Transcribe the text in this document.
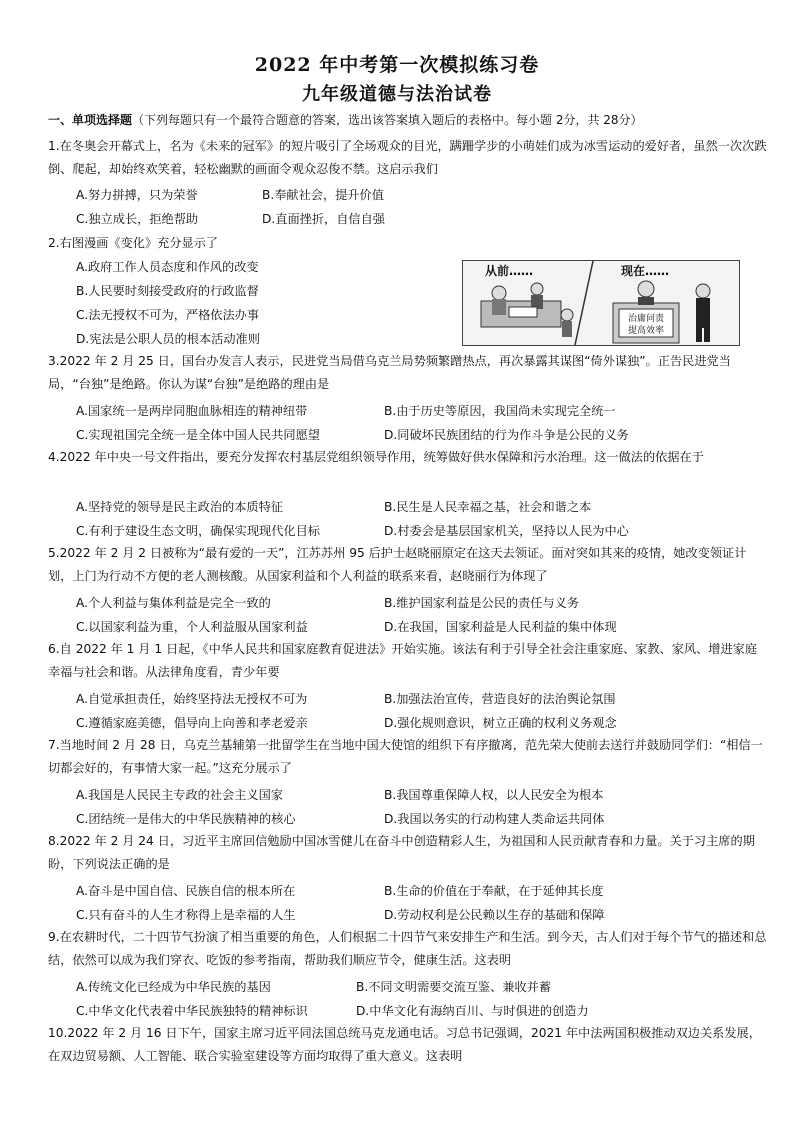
2022 年中考第一次模拟练习卷
九年级道德与法治试卷
一、单项选择题（下列每题只有一个最符合题意的答案，选出该答案填入题后的表格中。每小题 2分，共 28分）
1.在冬奥会开幕式上，名为《未来的冠军》的短片吸引了全场观众的目光，蹒跚学步的小萌娃们成为冰雪运动的爱好者，虽然一次次跌倒、爬起，却始终欢笑着，轻松幽默的画面令观众忍俊不禁。这启示我们
A.努力拼搏，只为荣誉	B.奉献社会，提升价值
C.独立成长，拒绝帮助	D.直面挫折，自信自强
2.右图漫画《变化》充分显示了
A.政府工作人员态度和作风的改变
B.人民要时刻接受政府的行政监督
C.法无授权不可为，严格依法办事
D.宪法是公职人员的根本活动准则
从前……	现在……
治庸问责
提高效率
3.2022 年 2 月 25 日，国台办发言人表示，民进党当局借乌克兰局势频繁蹭热点，再次暴露其谋图“倚外谋独”。正告民进党当局，“台独”是绝路。你认为谋“台独”是绝路的理由是
A.国家统一是两岸同胞血脉相连的精神纽带	B.由于历史等原因，我国尚未实现完全统一
C.实现祖国完全统一是全体中国人民共同愿望	D.同破坏民族团结的行为作斗争是公民的义务
4.2022 年中央一号文件指出，要充分发挥农村基层党组织领导作用，统筹做好供水保障和污水治理。这一做法的依据在于
A.坚持党的领导是民主政治的本质特征	B.民生是人民幸福之基，社会和谐之本
C.有利于建设生态文明，确保实现现代化目标	D.村委会是基层国家机关，坚持以人民为中心
5.2022 年 2 月 2 日被称为“最有爱的一天”，江苏苏州 95 后护士赵晓丽原定在这天去领证。面对突如其来的疫情，她改变领证计划，上门为行动不方便的老人测核酸。从国家利益和个人利益的联系来看，赵晓丽行为体现了
A.个人利益与集体利益是完全一致的	B.维护国家利益是公民的责任与义务
C.以国家利益为重，个人利益服从国家利益	D.在我国，国家利益是人民利益的集中体现
6.自 2022 年 1 月 1 日起，《中华人民共和国家庭教育促进法》开始实施。该法有利于引导全社会注重家庭、家教、家风、增进家庭幸福与社会和谐。从法律角度看，青少年要
A.自觉承担责任，始终坚持法无授权不可为	B.加强法治宣传，营造良好的法治舆论氛围
C.遵循家庭美德，倡导向上向善和孝老爱亲	D.强化规则意识，树立正确的权利义务观念
7.当地时间 2 月 28 日，乌克兰基辅第一批留学生在当地中国大使馆的组织下有序撤离，范先荣大使前去送行并鼓励同学们：“相信一切都会好的，有事情大家一起。”这充分展示了
A.我国是人民民主专政的社会主义国家	B.我国尊重保障人权，以人民安全为根本
C.团结统一是伟大的中华民族精神的核心	D.我国以务实的行动构建人类命运共同体
8.2022 年 2 月 24 日，习近平主席回信勉励中国冰雪健儿在奋斗中创造精彩人生，为祖国和人民贡献青春和力量。关于习主席的期盼，下列说法正确的是
A.奋斗是中国自信、民族自信的根本所在	B.生命的价值在于奉献，在于延伸其长度
C.只有奋斗的人生才称得上是幸福的人生	D.劳动权利是公民赖以生存的基础和保障
9.在农耕时代，二十四节气扮演了相当重要的角色，人们根据二十四节气来安排生产和生活。到今天，古人们对于每个节气的描述和总结，依然可以成为我们穿衣、吃饭的参考指南，帮助我们顺应节令，健康生活。这表明
A.传统文化已经成为中华民族的基因	B.不同文明需要交流互鉴、兼收并蓄
C.中华文化代表着中华民族独特的精神标识	D.中华文化有海纳百川、与时俱进的创造力
10.2022 年 2 月 16 日下午，国家主席习近平同法国总统马克龙通电话。习总书记强调，2021 年中法两国积极推动双边关系发展，在双边贸易额、人工智能、联合实验室建设等方面均取得了重大意义。这表明
